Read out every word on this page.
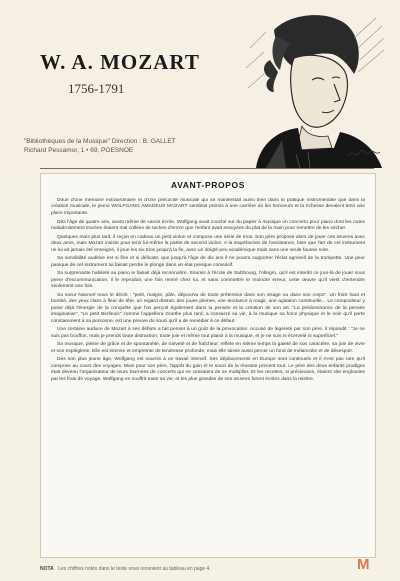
W. A. MOZART
1756-1791
"Bibliothèques de la Musique" Direction : B. GALLET
Richard Pessamor, 1 • 69, POESNOE
AVANT-PROPOS

Doué d'une mémoire extraordinaire et d'une précocité musicale qui se manifestait aussi bien dans la pratique instrumentale que dans la création musicale, le jeune WOLFGANG AMADEUS MOZART semblait promis à une carrière où les honneurs et la richesse devaient tenir une place importante.

Dès l'âge de quatre ans, avant même de savoir écrire, Wolfgang avait couché sur du papier à musique un concerto pour piano dont les notes maladroitement tracées étaient mal collées de taches d'encre que l'enfant avait essuyées du plat de la main pour remettre de les sécher.

Quelques mois plus tard, il reçoit en cadeau un petit violon et compose une série de trios. Son père propose alors de jouer ces œuvres avec deux amis, mais Mozart insiste pour tenir lui-même la partie de second violon. A la stupéfaction de l'assistance, bien que l'art de cet instrument ne lui ait jamais été enseigné, il joue les six trios jusqu'à la fin, avec un doigté peu académique mais sans une seule fausse note.

Sa sensibilité auditive est si fine et si délicate, que jusqu'à l'âge de dix ans il ne pourra supporter l'éclat agressif de la trompette. Une peur panique de cet instrument lui faisait perdre le plonge dans un état presque convulsif.

Sa surprenante habileté au piano le faisait déjà reconnaître. Soumis à l'école de Salzbourg, l'Allegro, qu'il est interdit ce jour-là de jouer sous peine d'excommunication, il le reproduit, une fois rentré chez lui, et sans commettre le moindre erreur, cette œuvre qu'il vient d'entendre seulement une fois.

Sa sœur Nannerl nous le décrit : "petit, maigre, pâle, dépourvu de toute prétention dans son visage ou dans son corps". Un front haut et bombé, des yeux clairs à fleur de tête, un regard distrait, des joues pleines, une tendance à rougir, une agitation continuelle... Le compositeur y puise déjà l'énergie de la conquête que l'on perçoit également dans la pensée et la création de son art. "La prédominance de la pensée imaginative", "Le petit Berlinois" comme l'appellera Goethe plus tard, a consacré sa vie, à la musique sa force physique et le soin qu'il porte constamment à sa personne, est une preuve du souci qu'il a de remédier à ce défaut.

Une certaine audace de Mozart à ses débuts a fait penser à un goût de la provocation. Accusé de légèreté par son père, il répondit : "Je ne suis pas bouffon, mais je prends toute distraction; toute joie et même tout plaisir à la musique, et je ne suis ni écervelé ni superficiel."

Sa musique, pleine de grâce et de spontanéité, de naïveté et de fraîcheur, reflète en même temps la gaieté de son caractère, sa joie de vivre et son espièglerie. Elle est intense et empreinte de tendresse profonde, mais elle laisse aussi percer un fond de mélancolie et de désespoir.

Dès son plus jeune âge, Wolfgang est soumis à un travail intensif. Ses déplacements en Europe sont continuels et il n'est pas rare qu'il compose au cours des voyages. Mais pour son père, l'appât du gain et le souci de la réussite priment tout. Le père des deux enfants prodiges était devenu l'organisateur de leurs tournées de concerts qui ne cessaient de se multiplier. Et les recettes, si précieuses, étaient vite englouties par les frais de voyage. Wolfgang en souffrit toute sa vie; et les plus grandes de ses œuvres furent écrites dans la misère.

NOTA Les chiffres notés dans le texte vous renvoient au tableau en page 4.	M
